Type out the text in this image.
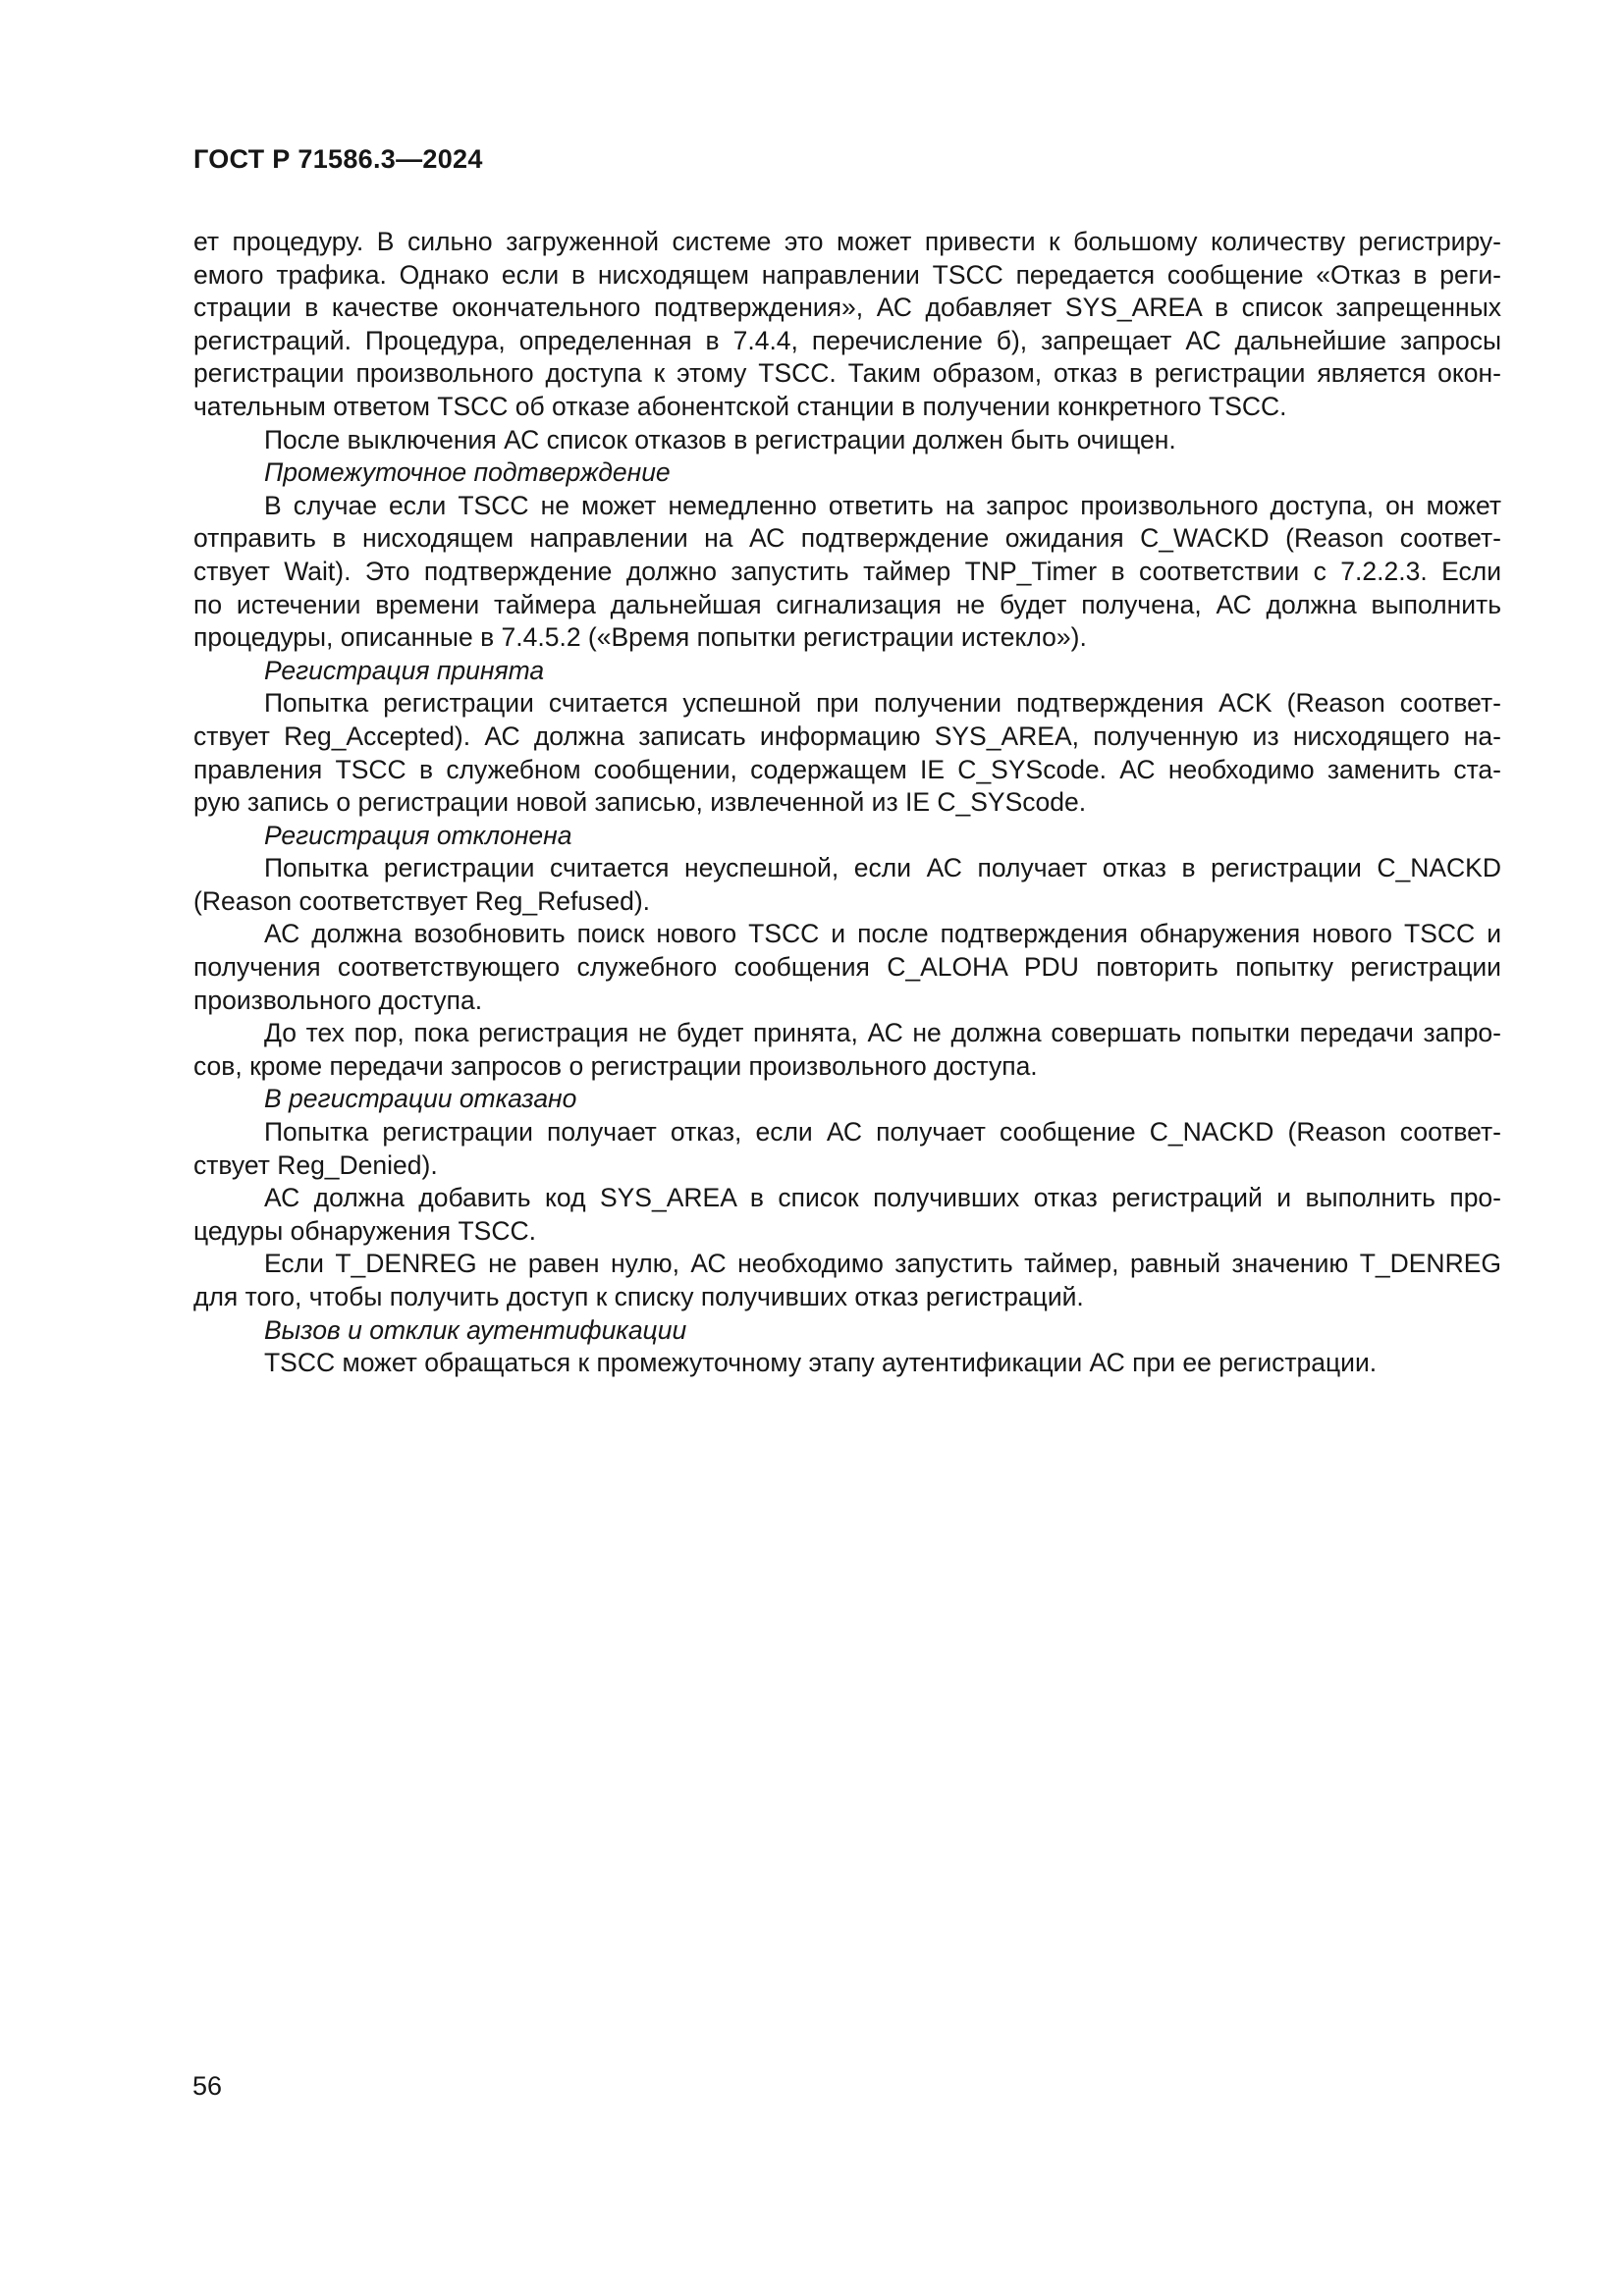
ГОСТ Р 71586.3—2024
ет процедуру. В сильно загруженной системе это может привести к большому количеству регистриру-
емого трафика. Однако если в нисходящем направлении TSCC передается сообщение «Отказ в реги-
страции в качестве окончательного подтверждения», АС добавляет SYS_AREA в список запрещенных
регистраций. Процедура, определенная в 7.4.4, перечисление б), запрещает АС дальнейшие запросы
регистрации произвольного доступа к этому TSCC. Таким образом, отказ в регистрации является окон-
чательным ответом TSCC об отказе абонентской станции в получении конкретного TSCC.
После выключения АС список отказов в регистрации должен быть очищен.
Промежуточное подтверждение
В случае если TSCC не может немедленно ответить на запрос произвольного доступа, он может
отправить в нисходящем направлении на АС подтверждение ожидания C_WACKD (Reason соответ-
ствует Wait). Это подтверждение должно запустить таймер TNP_Timer в соответствии с 7.2.2.3. Если
по истечении времени таймера дальнейшая сигнализация не будет получена, АС должна выполнить
процедуры, описанные в 7.4.5.2 («Время попытки регистрации истекло»).
Регистрация принята
Попытка регистрации считается успешной при получении подтверждения ACK (Reason соответ-
ствует Reg_Accepted). АС должна записать информацию SYS_AREA, полученную из нисходящего на-
правления TSCC в служебном сообщении, содержащем IE C_SYScode. АС необходимо заменить ста-
рую запись о регистрации новой записью, извлеченной из IE C_SYScode.
Регистрация отклонена
Попытка регистрации считается неуспешной, если АС получает отказ в регистрации C_NACKD
(Reason соответствует Reg_Refused).
АС должна возобновить поиск нового TSCC и после подтверждения обнаружения нового TSCC и
получения соответствующего служебного сообщения C_ALOHA PDU повторить попытку регистрации
произвольного доступа.
До тех пор, пока регистрация не будет принята, АС не должна совершать попытки передачи запро-
сов, кроме передачи запросов о регистрации произвольного доступа.
В регистрации отказано
Попытка регистрации получает отказ, если АС получает сообщение C_NACKD (Reason соответ-
ствует Reg_Denied).
АС должна добавить код SYS_AREA в список получивших отказ регистраций и выполнить про-
цедуры обнаружения TSCC.
Если T_DENREG не равен нулю, АС необходимо запустить таймер, равный значению T_DENREG
для того, чтобы получить доступ к списку получивших отказ регистраций.
Вызов и отклик аутентификации
TSCC может обращаться к промежуточному этапу аутентификации АС при ее регистрации.
56
